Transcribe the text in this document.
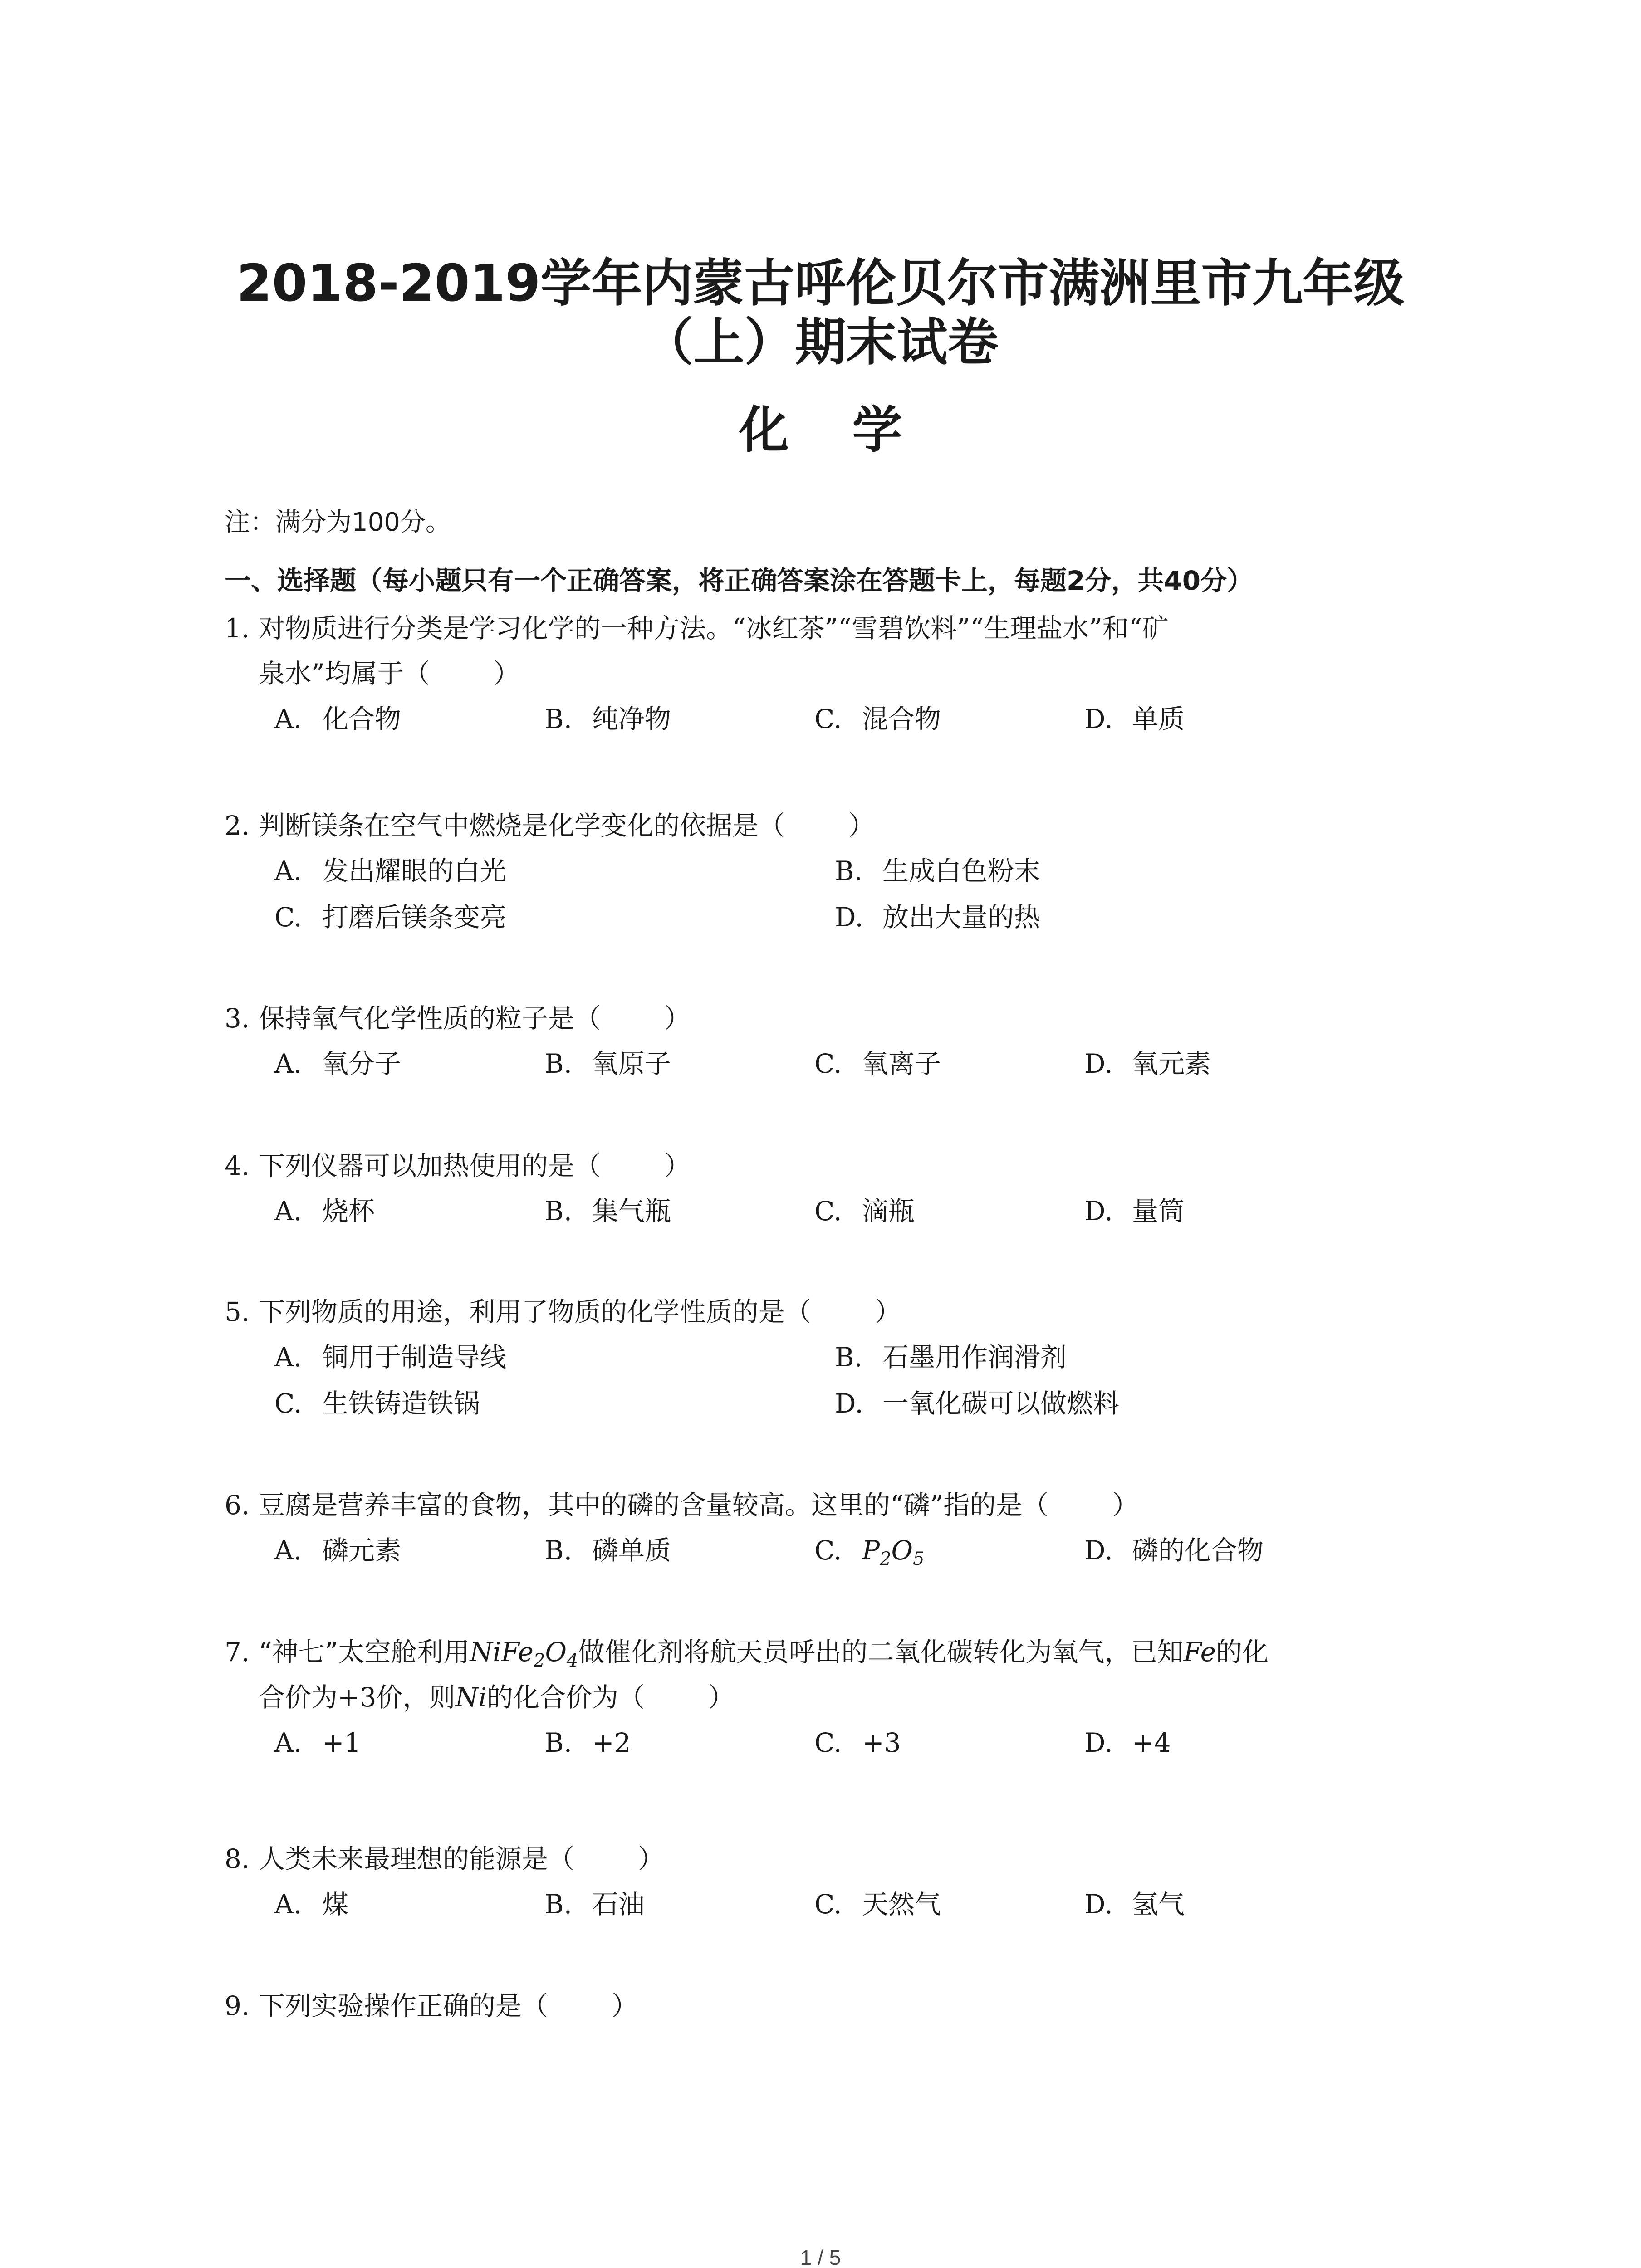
2018-2019学年内蒙古呼伦贝尔市满洲里市九年级
（上）期末试卷
化学
注：满分为100分。
一、选择题（每小题只有一个正确答案，将正确答案涂在答题卡上，每题2分，共40分）
1. 对物质进行分类是学习化学的一种方法。“冰红茶”“雪碧饮料”“生理盐水”和“矿
泉水”均属于（ ）
A. 化合物	B. 纯净物	C. 混合物	D. 单质
2. 判断镁条在空气中燃烧是化学变化的依据是（ ）
A. 发出耀眼的白光	B. 生成白色粉末
C. 打磨后镁条变亮	D. 放出大量的热
3. 保持氧气化学性质的粒子是（ ）
A. 氧分子	B. 氧原子	C. 氧离子	D. 氧元素
4. 下列仪器可以加热使用的是（ ）
A. 烧杯	B. 集气瓶	C. 滴瓶	D. 量筒
5. 下列物质的用途，利用了物质的化学性质的是（ ）
A. 铜用于制造导线	B. 石墨用作润滑剂
C. 生铁铸造铁锅	D. 一氧化碳可以做燃料
6. 豆腐是营养丰富的食物，其中的磷的含量较高。这里的“磷”指的是（ ）
A. 磷元素	B. 磷单质	C. $P_2O_5$	D. 磷的化合物
7. “神七”太空舱利用$NiFe_2O_4$做催化剂将航天员呼出的二氧化碳转化为氧气，已知Fe的化
合价为+3价，则Ni的化合价为（ ）
A. +1	B. +2	C. +3	D. +4
8. 人类未来最理想的能源是（ ）
A. 煤	B. 石油	C. 天然气	D. 氢气
9. 下列实验操作正确的是（ ）
1 / 5
